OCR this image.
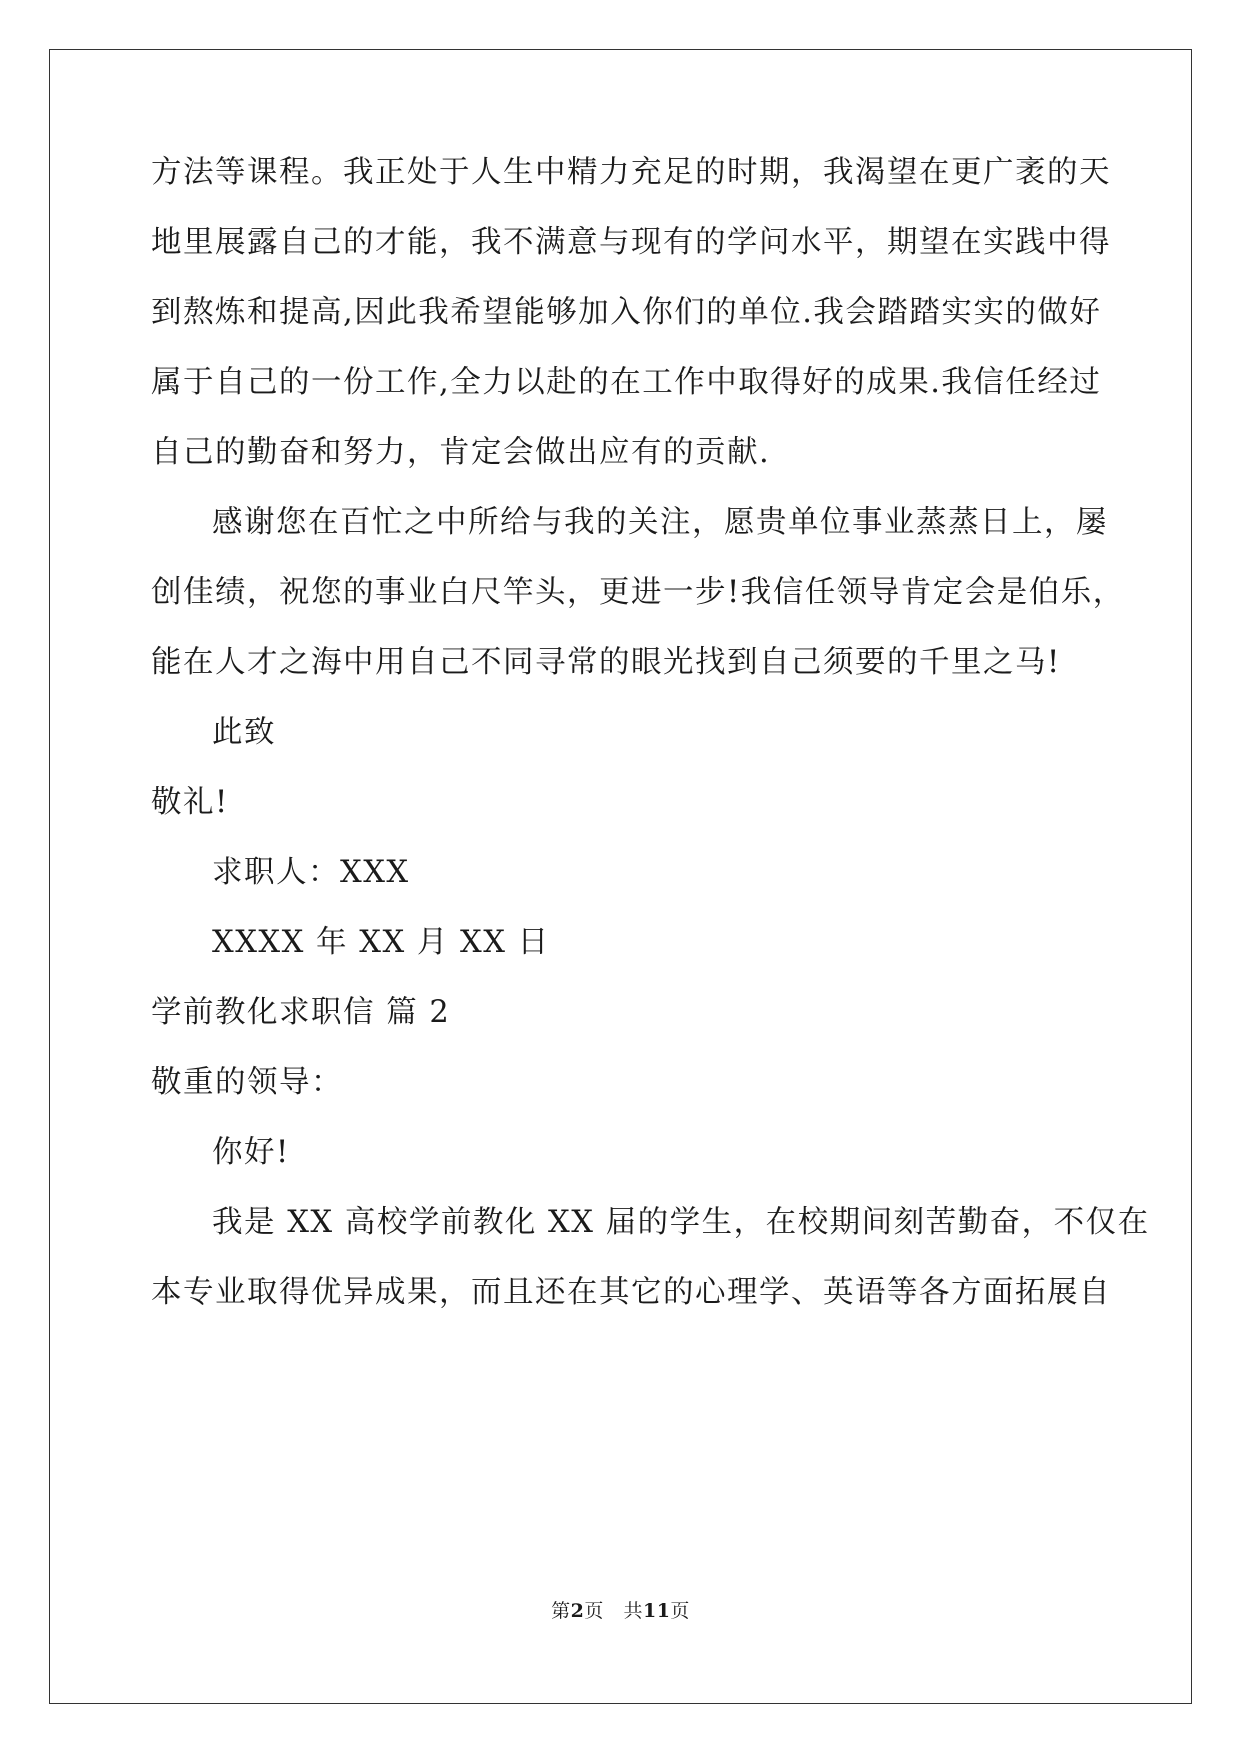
方法等课程。我正处于人生中精力充足的时期，我渴望在更广袤的天
地里展露自己的才能，我不满意与现有的学问水平，期望在实践中得
到熬炼和提高,因此我希望能够加入你们的单位.我会踏踏实实的做好
属于自己的一份工作,全力以赴的在工作中取得好的成果.我信任经过
自己的勤奋和努力，肯定会做出应有的贡献.
感谢您在百忙之中所给与我的关注，愿贵单位事业蒸蒸日上，屡
创佳绩，祝您的事业白尺竿头，更进一步!我信任领导肯定会是伯乐，
能在人才之海中用自己不同寻常的眼光找到自己须要的千里之马!
此致
敬礼!
求职人：XXX
XXXX 年 XX 月 XX 日
学前教化求职信 篇 2
敬重的领导：
你好!
我是 XX 高校学前教化 XX 届的学生，在校期间刻苦勤奋，不仅在
本专业取得优异成果，而且还在其它的心理学、英语等各方面拓展自
第2页 共11页
